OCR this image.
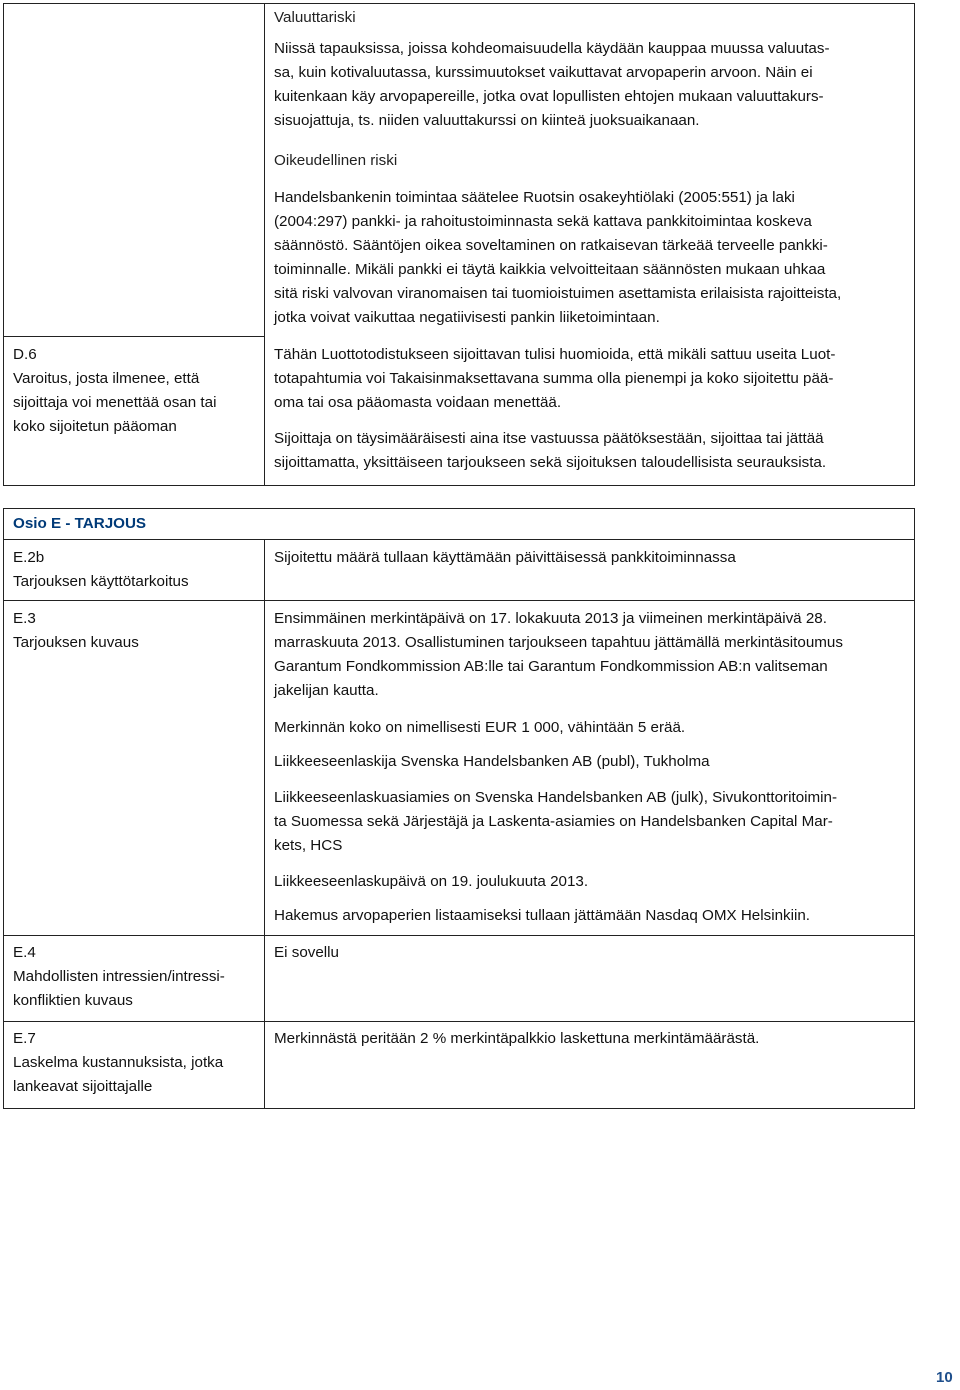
Valuuttariski

Niissä tapauksissa, joissa kohdeomaisuudella käydään kauppaa muussa valuutas-
sa, kuin kotivaluutassa, kurssimuutokset vaikuttavat arvopaperin arvoon. Näin ei
kuitenkaan käy arvopapereille, jotka ovat lopullisten ehtojen mukaan valuuttakurs-
sisuojattuja, ts. niiden valuuttakurssi on kiinteä juoksuaikanaan.

Oikeudellinen riski

Handelsbankenin toimintaa säätelee Ruotsin osakeyhtiölaki (2005:551) ja laki
(2004:297) pankki- ja rahoitustoiminnasta sekä kattava pankkitoimintaa koskeva
säännöstö. Sääntöjen oikea soveltaminen on ratkaisevan tärkeää terveelle pankki-
toiminnalle. Mikäli pankki ei täytä kaikkia velvoitteitaan säännösten mukaan uhkaa
sitä riski valvovan viranomaisen tai tuomioistuimen asettamista erilaisista rajoitteista,
jotka voivat vaikuttaa negatiivisesti pankin liiketoimintaan.
D.6
Varoitus, josta ilmenee, että
sijoittaja voi menettää osan tai
koko sijoitetun pääoman
Tähän Luottotodistukseen sijoittavan tulisi huomioida, että mikäli sattuu useita Luot-
totapahtumia voi Takaisinmaksettavana summa olla pienempi ja koko sijoitettu pää-
oma tai osa pääomasta voidaan menettää.
Sijoittaja on täysimääräisesti aina itse vastuussa päätöksestään, sijoittaa tai jättää
sijoittamatta, yksittäiseen tarjoukseen sekä sijoituksen taloudellisista seurauksista.

Osio E - TARJOUS

E.2b
Tarjouksen käyttötarkoitus

Sijoitettu määrä tullaan käyttämään päivittäisessä pankkitoiminnassa

E.3
Tarjouksen kuvaus
Ensimmäinen merkintäpäivä on 17. lokakuuta 2013 ja viimeinen merkintäpäivä 28.
marraskuuta 2013. Osallistuminen tarjoukseen tapahtuu jättämällä merkintäsitoumus
Garantum Fondkommission AB:lle tai Garantum Fondkommission AB:n valitseman
jakelijan kautta.

Merkinnän koko on nimellisesti EUR 1 000, vähintään 5 erää.

Liikkeeseenlaskija Svenska Handelsbanken AB (publ), Tukholma

Liikkeeseenlaskuasiamies on Svenska Handelsbanken AB (julk), Sivukonttoritoimin-
ta Suomessa sekä Järjestäjä ja Laskenta-asiamies on Handelsbanken Capital Mar-
kets, HCS

Liikkeeseenlaskupäivä on 19. joulukuuta 2013.

Hakemus arvopaperien listaamiseksi tullaan jättämään Nasdaq OMX Helsinkiin.

E.4
Mahdollisten intressien/intressi-
konfliktien kuvaus

Ei sovellu

E.7
Laskelma kustannuksista, jotka
lankeavat sijoittajalle

Merkinnästä peritään 2 % merkintäpalkkio laskettuna merkintämäärästä.

10
